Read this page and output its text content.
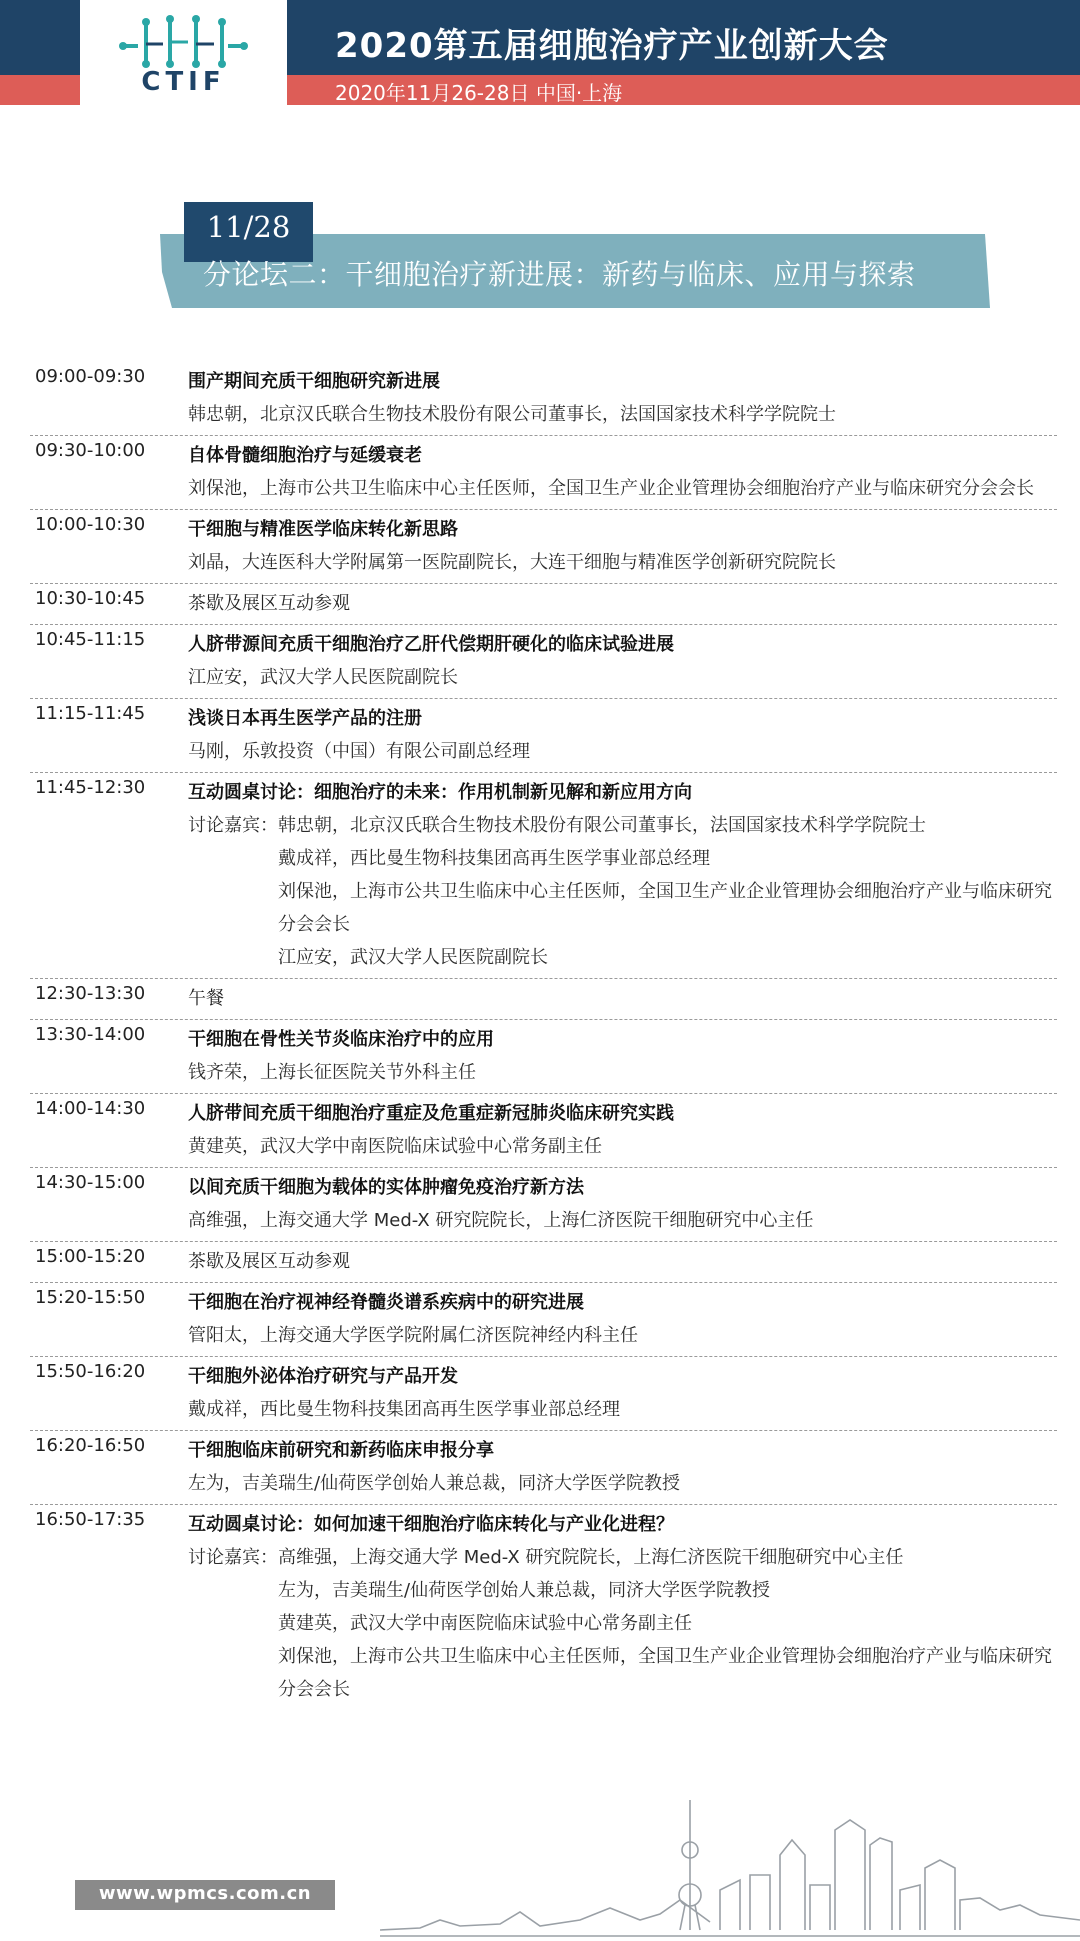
CTIF
2020第五届细胞治疗产业创新大会
2020年11月26-28日 中国·上海
11/28
分论坛二：干细胞治疗新进展：新药与临床、应用与探索
09:00-09:30 围产期间充质干细胞研究新进展
韩忠朝，北京汉氏联合生物技术股份有限公司董事长，法国国家技术科学学院院士
09:30-10:00 自体骨髓细胞治疗与延缓衰老
刘保池，上海市公共卫生临床中心主任医师，全国卫生产业企业管理协会细胞治疗产业与临床研究分会会长
10:00-10:30 干细胞与精准医学临床转化新思路
刘晶，大连医科大学附属第一医院副院长，大连干细胞与精准医学创新研究院院长
10:30-10:45 茶歇及展区互动参观
10:45-11:15 人脐带源间充质干细胞治疗乙肝代偿期肝硬化的临床试验进展
江应安，武汉大学人民医院副院长
11:15-11:45 浅谈日本再生医学产品的注册
马刚，乐敦投资（中国）有限公司副总经理
11:45-12:30 互动圆桌讨论：细胞治疗的未来：作用机制新见解和新应用方向
讨论嘉宾： 韩忠朝，北京汉氏联合生物技术股份有限公司董事长，法国国家技术科学学院院士
戴成祥，西比曼生物科技集团高再生医学事业部总经理
刘保池，上海市公共卫生临床中心主任医师，全国卫生产业企业管理协会细胞治疗产业与临床研究分会会长
江应安，武汉大学人民医院副院长
12:30-13:30 午餐
13:30-14:00 干细胞在骨性关节炎临床治疗中的应用
钱齐荣，上海长征医院关节外科主任
14:00-14:30 人脐带间充质干细胞治疗重症及危重症新冠肺炎临床研究实践
黄建英，武汉大学中南医院临床试验中心常务副主任
14:30-15:00 以间充质干细胞为载体的实体肿瘤免疫治疗新方法
高维强，上海交通大学 Med-X 研究院院长，上海仁济医院干细胞研究中心主任
15:00-15:20 茶歇及展区互动参观
15:20-15:50 干细胞在治疗视神经脊髓炎谱系疾病中的研究进展
管阳太，上海交通大学医学院附属仁济医院神经内科主任
15:50-16:20 干细胞外泌体治疗研究与产品开发
戴成祥，西比曼生物科技集团高再生医学事业部总经理
16:20-16:50 干细胞临床前研究和新药临床申报分享
左为，吉美瑞生/仙荷医学创始人兼总裁，同济大学医学院教授
16:50-17:35 互动圆桌讨论：如何加速干细胞治疗临床转化与产业化进程？
讨论嘉宾： 高维强，上海交通大学 Med-X 研究院院长，上海仁济医院干细胞研究中心主任
左为，吉美瑞生/仙荷医学创始人兼总裁，同济大学医学院教授
黄建英，武汉大学中南医院临床试验中心常务副主任
刘保池，上海市公共卫生临床中心主任医师，全国卫生产业企业管理协会细胞治疗产业与临床研究分会会长
www.wpmcs.com.cn
